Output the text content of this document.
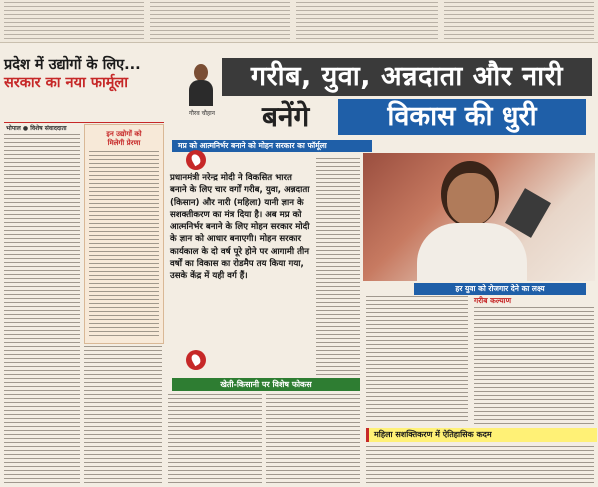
गरीब, युवा, अन्नदाता और नारी
बनेंगे	विकास की धुरी
प्रदेश में उद्योगों के लिए... सरकार का नया फार्मूला
भोपाल ● विशेष संवाददाता
इन उद्योगों को
मिलेगी प्रेरणा
गौरव चौहान
मप्र को आत्मनिर्भर बनाने को मोहन सरकार का फॉर्मूला
प्रधानमंत्री नरेन्द्र मोदी ने विकसित भारत बनाने के लिए चार वर्गों गरीब, युवा, अन्नदाता (किसान) और नारी (महिला) यानी ज्ञान के सशक्तीकरण का मंत्र दिया है। अब मप्र को आत्मनिर्भर बनाने के लिए मोहन सरकार मोदी के ज्ञान को आधार बनाएगी। मोहन सरकार कार्यकाल के दो वर्ष पूरे होने पर आगामी तीन वर्षों का विकास का रोडमैप तय किया गया, उसके केंद्र में यही वर्ग हैं।
हर युवा को रोजगार देने का लक्ष्य
गरीब कल्याण
खेती-किसानी पर विशेष फोकस
महिला सशक्तिकरण में ऐतिहासिक कदम
